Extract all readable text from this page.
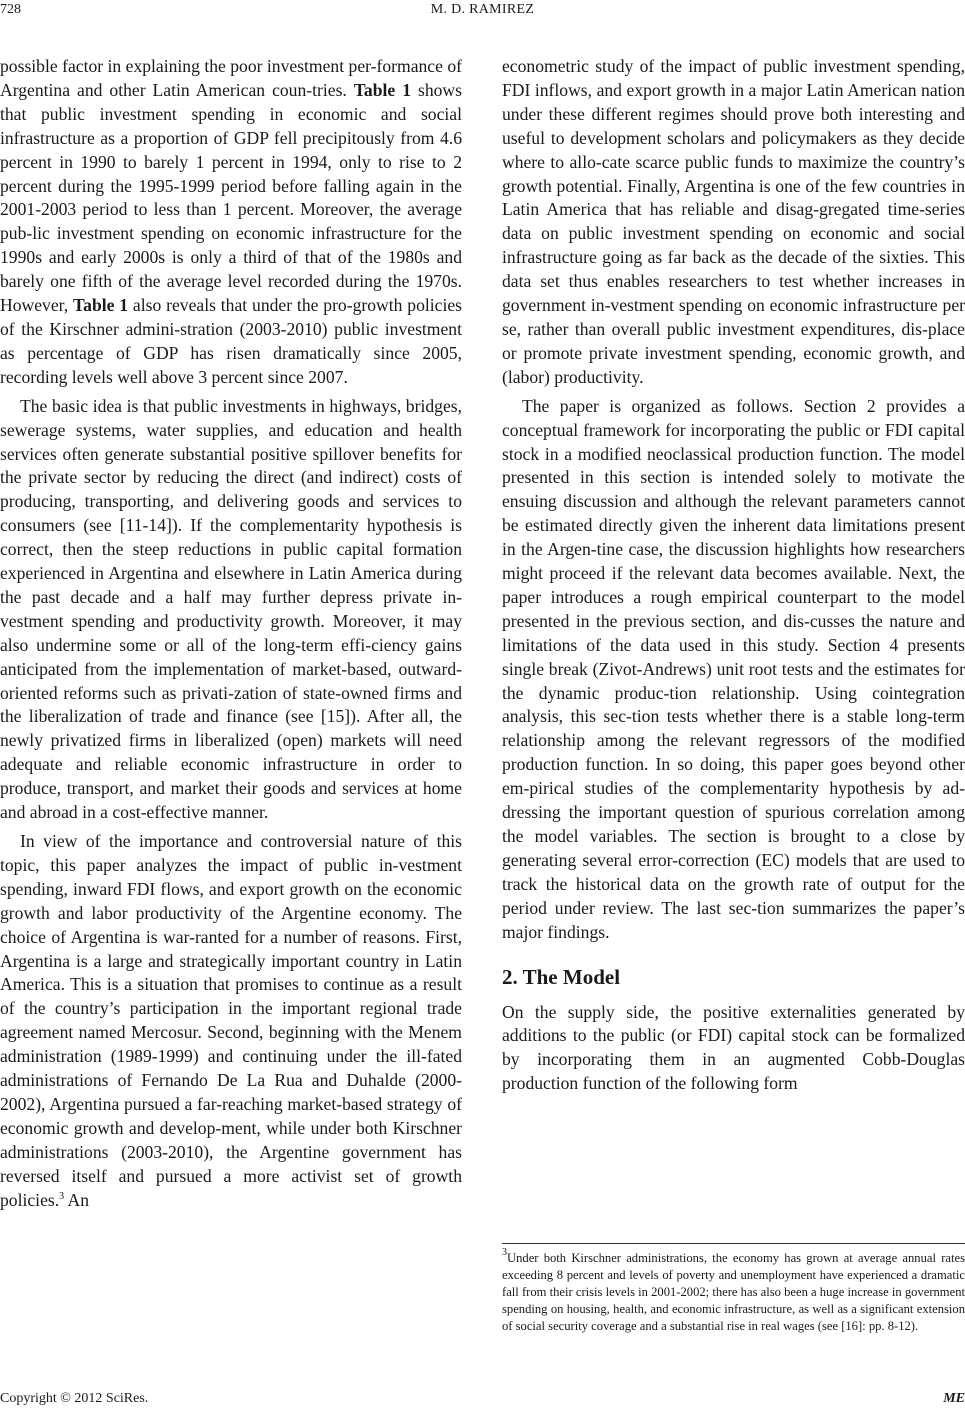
728	M. D. RAMIREZ

possible factor in explaining the poor investment per-formance of Argentina and other Latin American coun-tries. Table 1 shows that public investment spending in economic and social infrastructure as a proportion of GDP fell precipitously from 4.6 percent in 1990 to barely 1 percent in 1994, only to rise to 2 percent during the 1995-1999 period before falling again in the 2001-2003 period to less than 1 percent. Moreover, the average pub-lic investment spending on economic infrastructure for the 1990s and early 2000s is only a third of that of the 1980s and barely one fifth of the average level recorded during the 1970s. However, Table 1 also reveals that under the pro-growth policies of the Kirschner admini-stration (2003-2010) public investment as percentage of GDP has risen dramatically since 2005, recording levels well above 3 percent since 2007.

The basic idea is that public investments in highways, bridges, sewerage systems, water supplies, and education and health services often generate substantial positive spillover benefits for the private sector by reducing the direct (and indirect) costs of producing, transporting, and delivering goods and services to consumers (see [11-14]). If the complementarity hypothesis is correct, then the steep reductions in public capital formation experienced in Argentina and elsewhere in Latin America during the past decade and a half may further depress private in-vestment spending and productivity growth. Moreover, it may also undermine some or all of the long-term effi-ciency gains anticipated from the implementation of market-based, outward-oriented reforms such as privati-zation of state-owned firms and the liberalization of trade and finance (see [15]). After all, the newly privatized firms in liberalized (open) markets will need adequate and reliable economic infrastructure in order to produce, transport, and market their goods and services at home and abroad in a cost-effective manner.

In view of the importance and controversial nature of this topic, this paper analyzes the impact of public in-vestment spending, inward FDI flows, and export growth on the economic growth and labor productivity of the Argentine economy. The choice of Argentina is war-ranted for a number of reasons. First, Argentina is a large and strategically important country in Latin America. This is a situation that promises to continue as a result of the country’s participation in the important regional trade agreement named Mercosur. Second, beginning with the Menem administration (1989-1999) and continuing under the ill-fated administrations of Fernando De La Rua and Duhalde (2000-2002), Argentina pursued a far-reaching market-based strategy of economic growth and develop-ment, while under both Kirschner administrations (2003-2010), the Argentine government has reversed itself and pursued a more activist set of growth policies.$^3$ An

econometric study of the impact of public investment spending, FDI inflows, and export growth in a major Latin American nation under these different regimes should prove both interesting and useful to development scholars and policymakers as they decide where to allo-cate scarce public funds to maximize the country’s growth potential. Finally, Argentina is one of the few countries in Latin America that has reliable and disag-gregated time-series data on public investment spending on economic and social infrastructure going as far back as the decade of the sixties. This data set thus enables researchers to test whether increases in government in-vestment spending on economic infrastructure per se, rather than overall public investment expenditures, dis-place or promote private investment spending, economic growth, and (labor) productivity.

The paper is organized as follows. Section 2 provides a conceptual framework for incorporating the public or FDI capital stock in a modified neoclassical production function. The model presented in this section is intended solely to motivate the ensuing discussion and although the relevant parameters cannot be estimated directly given the inherent data limitations present in the Argen-tine case, the discussion highlights how researchers might proceed if the relevant data becomes available. Next, the paper introduces a rough empirical counterpart to the model presented in the previous section, and dis-cusses the nature and limitations of the data used in this study. Section 4 presents single break (Zivot-Andrews) unit root tests and the estimates for the dynamic produc-tion relationship. Using cointegration analysis, this sec-tion tests whether there is a stable long-term relationship among the relevant regressors of the modified production function. In so doing, this paper goes beyond other em-pirical studies of the complementarity hypothesis by ad-dressing the important question of spurious correlation among the model variables. The section is brought to a close by generating several error-correction (EC) models that are used to track the historical data on the growth rate of output for the period under review. The last sec-tion summarizes the paper’s major findings.

2. The Model

On the supply side, the positive externalities generated by additions to the public (or FDI) capital stock can be formalized by incorporating them in an augmented Cobb-Douglas production function of the following form

$^3$Under both Kirschner administrations, the economy has grown at average annual rates exceeding 8 percent and levels of poverty and unemployment have experienced a dramatic fall from their crisis levels in 2001-2002; there has also been a huge increase in government spending on housing, health, and economic infrastructure, as well as a significant extension of social security coverage and a substantial rise in real wages (see [16]: pp. 8-12).

Copyright © 2012 SciRes.	ME
